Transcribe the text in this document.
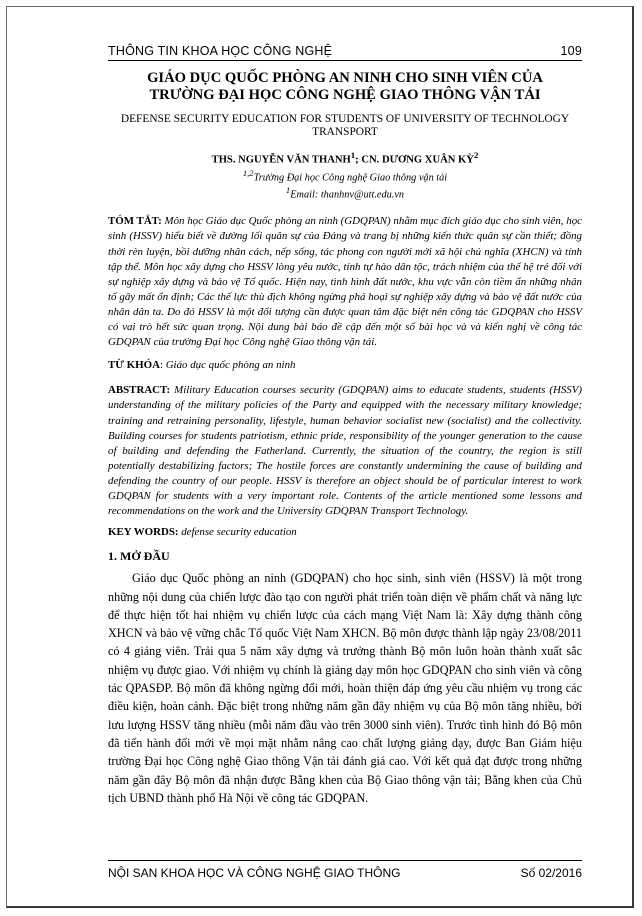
THÔNG TIN KHOA HỌC CÔNG NGHỆ	109
GIÁO DỤC QUỐC PHÒNG AN NINH CHO SINH VIÊN CỦA
TRƯỜNG ĐẠI HỌC CÔNG NGHỆ GIAO THÔNG VẬN TẢI
DEFENSE SECURITY EDUCATION FOR STUDENTS OF UNIVERSITY OF TECHNOLOGY
TRANSPORT
THS. NGUYỄN VĂN THANH$^1$; CN. DƯƠNG XUÂN KỲ$^2$
$^{1,2}$Trường Đại học Công nghệ Giao thông vận tải
$^1$Email: thanhnv@utt.edu.vn

TÓM TẮT: Môn học Giáo dục Quốc phòng an ninh (GDQPAN) nhằm mục đích giáo dục cho sinh viên, học sinh (HSSV) hiểu biết về đường lối quân sự của Đảng và trang bị những kiến thức quân sự cần thiết; đồng thời rèn luyện, bồi dưỡng nhân cách, nếp sống, tác phong con người mới xã hội chủ nghĩa (XHCN) và tính tập thể. Môn học xây dựng cho HSSV lòng yêu nước, tính tự hào dân tộc, trách nhiệm của thế hệ trẻ đối với sự nghiệp xây dựng và bảo vệ Tổ quốc. Hiện nay, tình hình đất nước, khu vực vẫn còn tiềm ẩn những nhân tố gây mất ổn định; Các thế lực thù địch không ngừng phá hoại sự nghiệp xây dựng và bảo vệ đất nước của nhân dân ta. Do đó HSSV là một đối tượng cần được quan tâm đặc biệt nên công tác GDQPAN cho HSSV có vai trò hết sức quan trọng. Nội dung bài báo đề cập đến một số bài học và và kiến nghị về công tác GDQPAN của trường Đại học Công nghệ Giao thông vận tải.

TỪ KHÓA: Giáo dục quốc phòng an ninh

ABSTRACT: Military Education courses security (GDQPAN) aims to educate students, students (HSSV) understanding of the military policies of the Party and equipped with the necessary military knowledge; training and retraining personality, lifestyle, human behavior socialist new (socialist) and the collectivity. Building courses for students patriotism, ethnic pride, responsibility of the younger generation to the cause of building and defending the Fatherland. Currently, the situation of the country, the region is still potentially destabilizing factors; The hostile forces are constantly undermining the cause of building and defending the country of our people. HSSV is therefore an object should be of particular interest to work GDQPAN for students with a very important role. Contents of the article mentioned some lessons and recommendations on the work and the University GDQPAN Transport Technology.

KEY WORDS: defense security education

1. MỞ ĐẦU

Giáo dục Quốc phòng an ninh (GDQPAN) cho học sinh, sinh viên (HSSV) là một trong những nội dung của chiến lược đào tạo con người phát triển toàn diện về phẩm chất và năng lực để thực hiện tốt hai nhiệm vụ chiến lược của cách mạng Việt Nam là: Xây dựng thành công XHCN và bảo vệ vững chắc Tổ quốc Việt Nam XHCN. Bộ môn được thành lập ngày 23/08/2011 có 4 giảng viên. Trải qua 5 năm xây dựng và trưởng thành Bộ môn luôn hoàn thành xuất sắc nhiệm vụ được giao. Với nhiệm vụ chính là giảng dạy môn học GDQPAN cho sinh viên và công tác QPASĐP. Bộ môn đã không ngừng đổi mới, hoàn thiện đáp ứng yêu cầu nhiệm vụ trong các điều kiện, hoàn cảnh. Đặc biệt trong những năm gần đây nhiệm vụ của Bộ môn tăng nhiều, bởi lưu lượng HSSV tăng nhiều (mỗi năm đầu vào trên 3000 sinh viên). Trước tình hình đó Bộ môn đã tiến hành đổi mới về mọi mặt nhằm nâng cao chất lượng giảng dạy, được Ban Giám hiệu trường Đại học Công nghệ Giao thông Vận tải đánh giá cao. Với kết quả đạt được trong những năm gần đây Bộ môn đã nhận được Bằng khen của Bộ Giao thông vận tải; Bằng khen của Chủ tịch UBND thành phố Hà Nội về công tác GDQPAN.

NỘI SAN KHOA HỌC VÀ CÔNG NGHỆ GIAO THÔNG	Số 02/2016
